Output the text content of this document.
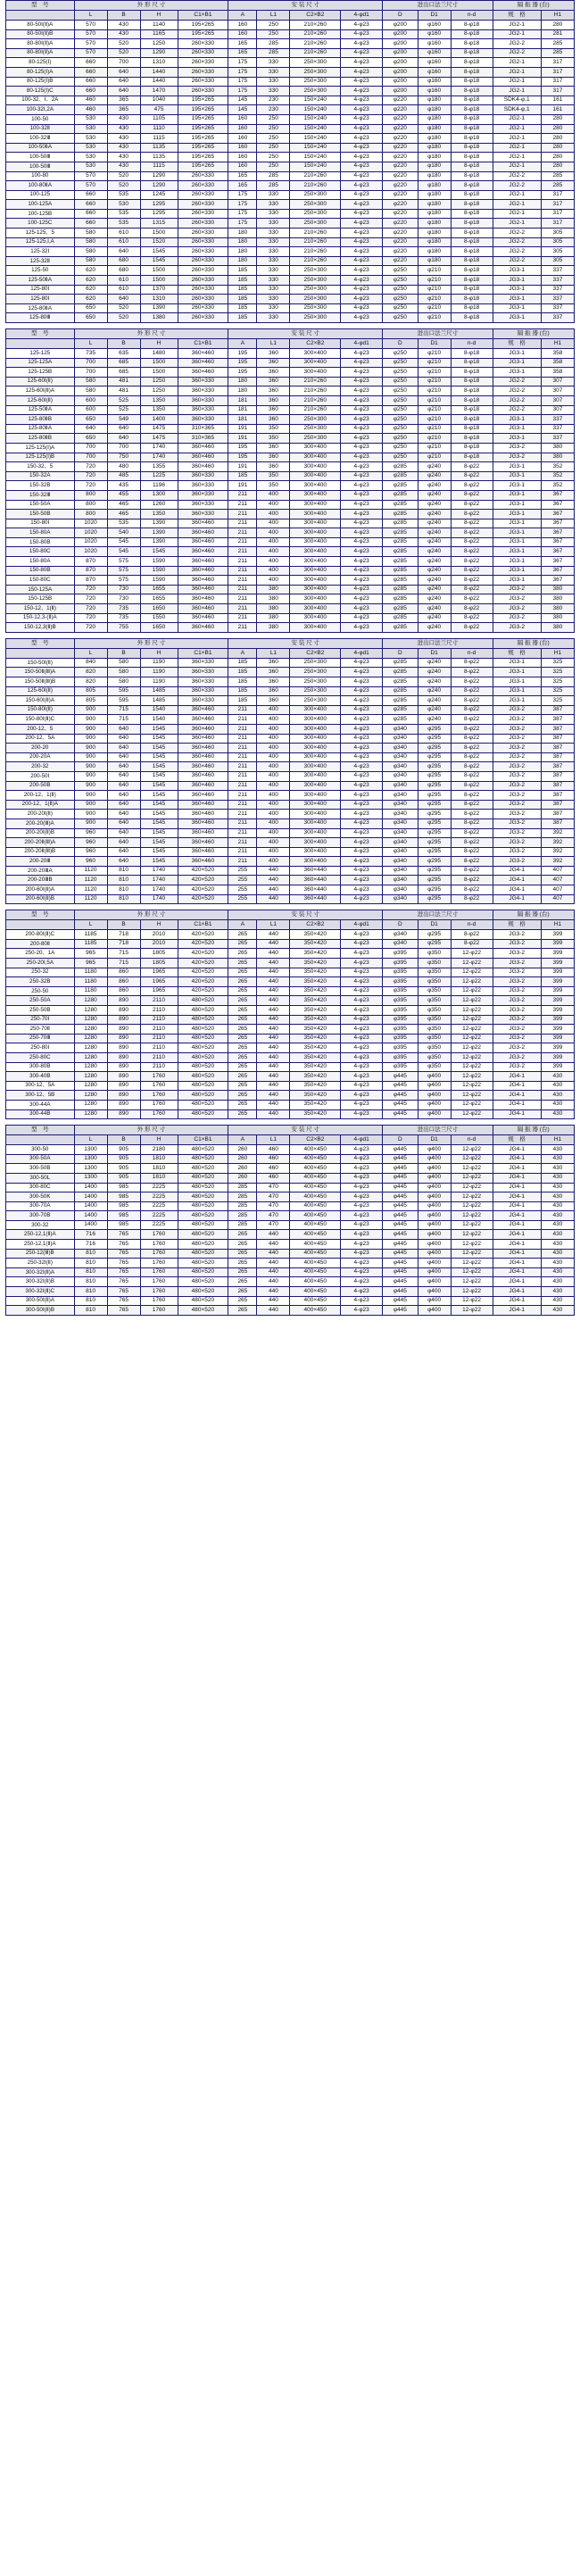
型　号	外 形 尺 寸				安 装 尺 寸				进出口法兰尺寸			隔 振 器 (台)	
	L	B	H	C1×B1	A	L1	C2×B2	4-φd1	D	D1	n-d	规　格	H1
80-50Ⅰ(Ⅱ)A	570	430	1140	195×265	160	250	210×260	4-φ23	φ200	φ160	8-φ18	JG2-1	280
80-50Ⅰ(Ⅱ)B	570	430	1165	195×265	160	250	210×260	4-φ23	φ200	φ160	8-φ18	JG2-1	281
80-80Ⅰ(Ⅱ)A	570	520	1250	260×330	165	285	210×260	4-φ23	φ200	φ160	8-φ18	JG2-2	285
80-80Ⅰ(Ⅱ)A	570	520	1290	260×330	165	285	210×260	4-φ23	φ200	φ160	8-φ18	JG2-2	285
80-125(Ⅰ)	660	700	1310	260×330	175	330	250×300	4-φ23	φ200	φ160	8-φ18	JG2-1	317
80-125(Ⅰ)A	660	640	1440	260×330	175	330	250×300	4-φ23	φ200	φ160	8-φ18	JG2-1	317
80-125(Ⅰ)B	660	640	1440	260×330	175	330	250×300	4-φ23	φ200	φ160	8-φ18	JG2-1	317
80-125(Ⅰ)C	660	640	1470	260×330	175	330	250×300	4-φ23	φ200	φ160	8-φ18	JG2-1	317
100-32、Ⅰ、2A	460	365	1040	195×265	145	230	150×240	4-φ23	φ220	φ180	8-φ18	SDK4-φ,1	161
100-32Ⅰ,2A	460	365	475	195×265	145	230	150×240	4-φ23	φ220	φ180	8-φ18	SDK4-φ,1	161
100-50	530	430	1105	195×265	160	250	150×240	4-φ23	φ220	φ180	8-φ18	JG2-1	280
100-32Ⅱ	530	430	1110	195×265	160	250	150×240	4-φ23	φ220	φ180	8-φ18	JG2-1	280
100-32Ⅲ	530	430	1115	195×265	160	250	150×240	4-φ23	φ220	φ180	8-φ18	JG2-1	280
100-50ⅡA	530	430	1135	195×265	160	250	150×240	4-φ23	φ220	φ180	8-φ18	JG2-1	280
100-50Ⅲ	530	430	1135	195×265	160	250	150×240	4-φ23	φ220	φ180	8-φ18	JG2-1	280
100-50Ⅲ	530	430	1115	195×265	160	250	150×240	4-φ23	φ220	φ180	8-φ18	JG2-1	280
100-80	570	520	1290	260×330	165	285	210×260	4-φ23	φ220	φ180	8-φ18	JG2-2	285
100-80ⅡA	570	520	1290	260×330	165	285	210×260	4-φ23	φ220	φ180	8-φ18	JG2-2	285
100-125	660	535	1245	260×330	175	330	250×300	4-φ23	φ220	φ180	8-φ18	JG2-1	317
100-125A	660	530	1295	260×330	175	330	250×300	4-φ23	φ220	φ180	8-φ18	JG2-1	317
100-125B	660	535	1295	260×330	175	330	250×300	4-φ23	φ220	φ180	8-φ18	JG2-1	317
100-125C	660	535	1315	260×330	175	330	250×300	4-φ23	φ220	φ180	8-φ18	JG2-1	317
125-125、5	580	610	1500	260×330	180	330	210×260	4-φ23	φ220	φ180	8-φ18	JG2-2	305
125-125,Ⅰ,A	580	610	1520	260×330	180	330	210×260	4-φ23	φ220	φ180	8-φ18	JG2-2	305
125-32Ⅰ	580	640	1545	260×330	180	330	210×260	4-φ23	φ220	φ180	8-φ18	JG2-2	305
125-32Ⅱ	580	680	1545	260×330	180	330	210×260	4-φ23	φ220	φ180	8-φ18	JG2-2	305
125-50	620	680	1500	260×330	185	330	250×300	4-φ23	φ250	φ210	8-φ18	JG3-1	337
125-50ⅡA	620	610	1500	260×330	185	330	250×300	4-φ23	φ250	φ210	8-φ18	JG3-1	337
125-80Ⅰ	620	610	1370	260×330	185	330	250×300	4-φ23	φ250	φ210	8-φ18	JG3-1	337
125-80Ⅰ	620	640	1310	260×330	185	330	250×300	4-φ23	φ250	φ210	8-φ18	JG3-1	337
125-80ⅡA	650	520	1390	260×330	185	330	250×300	4-φ23	φ250	φ210	8-φ18	JG3-1	337
125-80Ⅲ	650	520	1380	260×330	185	330	250×300	4-φ23	φ250	φ210	8-φ18	JG3-1	337
型　号	外 形 尺 寸				安 装 尺 寸				进出口法兰尺寸			隔 振 器 (台)	
	L	B	H	C1×B1	A	L1	C2×B2	4-φd1	D	D1	n-d	规　格	H1
125-125	735	635	1480	360×460	195	360	300×400	4-φ23	φ250	φ210	8-φ18	JG3-1	358
125-125A	700	685	1500	360×460	195	360	300×400	4-φ23	φ250	φ210	8-φ18	JG3-1	358
125-125B	700	685	1500	360×460	195	360	300×400	4-φ23	φ250	φ210	8-φ18	JG3-1	358
125-60Ⅰ(Ⅱ)	580	481	1250	360×330	180	360	210×260	4-φ23	φ250	φ210	8-φ18	JG2-2	307
125-60Ⅰ(Ⅱ)A	580	481	1250	360×330	180	360	210×260	4-φ23	φ250	φ210	8-φ18	JG2-2	307
125-60Ⅰ(Ⅱ)	600	525	1350	360×330	181	360	210×260	4-φ23	φ250	φ210	8-φ18	JG2-2	307
125-50ⅡA	600	525	1350	360×330	181	360	210×260	4-φ23	φ250	φ210	8-φ18	JG2-2	307
125-80ⅡB	650	549	1400	360×330	181	360	250×300	4-φ23	φ250	φ210	8-φ18	JG3-1	337
125-80ⅡA	640	640	1475	310×365	191	350	250×300	4-φ23	φ250	φ210	8-φ18	JG3-1	337
125-80ⅡB	650	640	1475	310×365	191	350	250×300	4-φ23	φ250	φ210	8-φ18	JG3-1	337
125-125(Ⅰ)A	700	700	1740	360×460	195	360	300×400	4-φ23	φ250	φ210	8-φ18	JG3-2	380
125-125(Ⅰ)B	700	750	1740	360×460	195	360	300×400	4-φ23	φ250	φ210	8-φ18	JG3-2	380
150-32、5	720	480	1355	360×460	191	360	300×400	4-φ23	φ285	φ240	8-φ22	JG3-1	352
150-32A	720	485	1225	360×330	185	350	300×400	4-φ23	φ285	φ240	8-φ22	JG3-1	352
150-32B	720	435	1196	360×330	191	350	300×400	4-φ23	φ285	φ240	8-φ22	JG3-1	352
150-32Ⅲ	800	455	1300	360×330	211	400	300×400	4-φ23	φ285	φ240	8-φ22	JG3-1	367
150-50A	800	465	1260	360×330	211	400	300×400	4-φ23	φ285	φ240	8-φ22	JG3-1	367
150-50B	800	465	1350	360×330	211	400	300×400	4-φ23	φ285	φ240	8-φ22	JG3-1	367
150-80Ⅰ	1020	535	1390	360×460	211	400	300×400	4-φ23	φ285	φ240	8-φ22	JG3-1	367
150-80A	1020	540	1390	360×460	211	400	300×400	4-φ23	φ285	φ240	8-φ22	JG3-1	367
150-80B	1020	545	1390	360×460	211	400	300×400	4-φ23	φ285	φ240	8-φ22	JG3-1	367
150-80C	1020	545	1545	360×460	211	400	300×400	4-φ23	φ285	φ240	8-φ22	JG3-1	367
150-80A	870	575	1590	360×460	211	400	300×400	4-φ23	φ285	φ240	8-φ22	JG3-1	367
150-80B	870	575	1590	360×460	211	400	300×400	4-φ23	φ285	φ240	8-φ22	JG3-1	367
150-80C	870	575	1590	360×460	211	400	300×400	4-φ23	φ285	φ240	8-φ22	JG3-1	367
150-125A	720	730	1655	360×460	211	380	300×400	4-φ23	φ285	φ240	8-φ22	JG3-2	380
150-125B	720	730	1655	360×460	211	380	300×400	4-φ23	φ285	φ240	8-φ22	JG3-2	380
150-12、1(Ⅱ)	720	735	1650	360×460	211	380	300×400	4-φ23	φ285	φ240	8-φ22	JG3-2	380
150-12,3-(Ⅱ)A	720	735	1550	360×460	211	380	300×400	4-φ23	φ285	φ240	8-φ22	JG3-2	380
150-12,3(Ⅱ)B	720	755	1650	360×460	211	380	300×400	4-φ23	φ285	φ240	8-φ22	JG3-2	380
型　号	外 形 尺 寸				安 装 尺 寸				进出口法兰尺寸			隔 振 器 (台)	
	L	B	H	C1×B1	A	L1	C2×B2	4-φd1	D	D1	n-d	规　格	H1
150-50Ⅰ(Ⅱ)	840	580	1190	360×330	185	360	250×300	4-φ23	φ285	φ240	8-φ22	JG3-1	325
150-50Ⅱ(Ⅲ)A	820	580	1190	360×330	185	360	250×300	4-φ23	φ285	φ240	8-φ22	JG3-1	325
150-50Ⅱ(Ⅲ)B	820	580	1190	360×330	185	360	250×300	4-φ23	φ285	φ240	8-φ22	JG3-1	325
125-60Ⅰ(Ⅱ)	805	595	1485	360×330	185	360	250×300	4-φ23	φ285	φ240	8-φ22	JG3-1	325
150-60Ⅰ(Ⅱ)A	805	595	1485	360×330	185	360	250×300	4-φ23	φ285	φ240	8-φ22	JG3-1	325
150-80Ⅰ(Ⅱ)	900	715	1540	360×460	211	400	300×400	4-φ23	φ285	φ240	8-φ22	JG3-2	387
150-80Ⅰ(Ⅱ)C	900	715	1540	360×460	211	400	300×400	4-φ23	φ285	φ240	8-φ22	JG3-2	387
200-12、5	900	640	1545	360×460	211	400	300×400	4-φ23	φ340	φ295	8-φ22	JG3-2	387
200-12、5A	900	640	1545	360×460	211	400	300×400	4-φ23	φ340	φ295	8-φ22	JG3-2	387
200-20	900	640	1545	360×460	211	400	300×400	4-φ23	φ340	φ295	8-φ22	JG3-2	387
200-20A	900	640	1545	360×460	211	400	300×400	4-φ23	φ340	φ295	8-φ22	JG3-2	387
200-32	900	640	1545	360×460	211	400	300×400	4-φ23	φ340	φ295	8-φ22	JG3-2	387
200-50Ⅰ	900	640	1545	360×460	211	400	300×400	4-φ23	φ340	φ295	8-φ22	JG3-2	387
200-50B	900	640	1545	360×460	211	400	300×400	4-φ23	φ340	φ295	8-φ22	JG3-2	387
200-12、1(Ⅱ)	900	640	1545	360×460	211	400	300×400	4-φ23	φ340	φ295	8-φ22	JG3-2	387
200-12、1(Ⅱ)A	900	640	1545	360×460	211	400	300×400	4-φ23	φ340	φ295	8-φ22	JG3-2	387
200-20Ⅰ(Ⅱ)	900	640	1545	360×460	211	400	300×400	4-φ23	φ340	φ295	8-φ22	JG3-2	387
200-20(Ⅲ)A	900	640	1545	360×460	211	400	300×400	4-φ23	φ340	φ295	8-φ22	JG3-2	387
200-20Ⅰ(Ⅱ)B	960	640	1545	360×460	211	400	300×400	4-φ23	φ340	φ295	8-φ22	JG3-2	392
200-20Ⅱ(Ⅲ)A	960	640	1545	360×460	211	400	300×400	4-φ23	φ340	φ295	8-φ22	JG3-2	392
200-20Ⅱ(Ⅲ)B	960	640	1545	360×460	211	400	300×400	4-φ23	φ340	φ295	8-φ22	JG3-2	392
200-20Ⅲ	960	640	1545	360×460	211	400	300×400	4-φ23	φ340	φ295	8-φ22	JG3-2	392
200-20ⅢA	1120	810	1740	420×520	255	440	360×440	4-φ23	φ340	φ295	8-φ22	JG4-1	407
200-20ⅢB	1120	810	1740	420×520	255	440	360×440	4-φ23	φ340	φ295	8-φ22	JG4-1	407
200-60Ⅰ(Ⅱ)A	1120	810	1740	420×520	255	440	360×440	4-φ23	φ340	φ295	8-φ22	JG4-1	407
200-60Ⅰ(Ⅱ)B	1120	810	1740	420×520	255	440	360×440	4-φ23	φ340	φ295	8-φ22	JG4-1	407
型　号	外 形 尺 寸				安 装 尺 寸				进出口法兰尺寸			隔 振 器 (台)	
	L	B	H	C1×B1	A	L1	C2×B2	4-φd1	D	D1	n-d	规　格	H1
200-80Ⅰ(Ⅱ)C	1185	718	2010	420×520	265	440	350×420	4-φ23	φ340	φ295	8-φ22	JG3-2	399
200-80Ⅱ	1185	718	2010	420×520	265	440	350×420	4-φ23	φ340	φ295	8-φ22	JG3-2	399
250-20、1A	965	715	1805	420×520	265	440	350×420	4-φ23	φ395	φ350	12-φ22	JG3-2	399
250-20Ⅰ,5A	965	715	1805	420×520	265	440	350×420	4-φ23	φ395	φ350	12-φ22	JG3-2	399
250-32	1180	860	1965	420×520	265	440	350×420	4-φ23	φ395	φ350	12-φ22	JG3-2	399
250-32B	1180	860	1965	420×520	265	440	350×420	4-φ23	φ395	φ350	12-φ22	JG3-2	399
250-50	1180	860	1965	420×520	265	440	350×420	4-φ23	φ395	φ350	12-φ22	JG3-2	399
250-50A	1280	890	2110	480×520	265	440	350×420	4-φ23	φ395	φ350	12-φ22	JG3-2	399
250-50B	1280	890	2110	480×520	265	440	350×420	4-φ23	φ395	φ350	12-φ22	JG3-2	399
250-70Ⅰ	1280	890	2110	480×520	265	440	350×420	4-φ23	φ395	φ350	12-φ22	JG3-2	399
250-70Ⅱ	1280	890	2110	480×520	265	440	350×420	4-φ23	φ395	φ350	12-φ22	JG3-2	399
250-70Ⅲ	1280	890	2110	480×520	265	440	350×420	4-φ23	φ395	φ350	12-φ22	JG3-2	399
250-80Ⅰ	1280	890	2110	480×520	265	440	350×420	4-φ23	φ395	φ350	12-φ22	JG3-2	399
250-80C	1280	890	2110	480×520	265	440	350×420	4-φ23	φ395	φ350	12-φ22	JG3-2	399
300-80B	1280	890	2110	480×520	265	440	350×420	4-φ23	φ395	φ350	12-φ22	JG3-2	399
300-40B	1280	890	1760	480×520	265	440	350×420	4-φ23	φ445	φ400	12-φ22	JG4-1	430
300-12、5A	1280	890	1760	480×520	265	440	350×420	4-φ23	φ445	φ400	12-φ22	JG4-1	430
300-12、5B	1280	890	1760	480×520	265	440	350×420	4-φ23	φ445	φ400	12-φ22	JG4-1	430
300-44A	1280	890	1760	480×520	265	440	350×420	4-φ23	φ445	φ400	12-φ22	JG4-1	430
300-44B	1280	890	1760	480×520	265	440	350×420	4-φ23	φ445	φ400	12-φ22	JG4-1	430
型　号	外 形 尺 寸				安 装 尺 寸				进出口法兰尺寸			隔 振 器 (台)	
	L	B	H	C1×B1	A	L1	C2×B2	4-φd1	D	D1	n-d	规　格	H1
300-50	1300	905	2180	480×520	260	460	400×450	4-φ23	φ445	φ400	12-φ22	JG4-1	430
300-50A	1300	905	1810	480×520	260	460	400×450	4-φ23	φ445	φ400	12-φ22	JG4-1	430
300-50B	1300	905	1810	480×520	260	460	400×450	4-φ23	φ445	φ400	12-φ22	JG4-1	430
300-50L	1300	905	1810	480×520	260	460	400×450	4-φ23	φ445	φ400	12-φ22	JG4-1	430
300-80C	1400	985	2225	480×520	285	470	400×450	4-φ23	φ445	φ400	12-φ22	JG4-1	430
300-50K	1400	985	2225	480×520	285	470	400×450	4-φ23	φ445	φ400	12-φ22	JG4-1	430
300-70A	1400	985	2225	480×520	285	470	400×450	4-φ23	φ445	φ400	12-φ22	JG4-1	430
300-70B	1400	985	2225	480×520	285	470	400×450	4-φ23	φ445	φ400	12-φ22	JG4-1	430
300-32	1400	985	2225	480×520	285	470	400×450	4-φ23	φ445	φ400	12-φ22	JG4-1	430
250-12,1(Ⅱ)A	716	765	1760	480×520	265	440	400×450	4-φ23	φ445	φ400	12-φ22	JG4-1	430
250-12,1(Ⅱ)A	716	765	1760	480×520	265	440	400×450	4-φ23	φ445	φ400	12-φ22	JG4-1	430
250-12(Ⅲ)B	810	765	1760	480×520	265	440	400×450	4-φ23	φ445	φ400	12-φ22	JG4-1	430
250-32Ⅰ(Ⅱ)	810	765	1760	480×520	265	440	400×450	4-φ23	φ445	φ400	12-φ22	JG4-1	430
300-32Ⅰ(Ⅱ)A	810	765	1760	480×520	265	440	400×450	4-φ23	φ445	φ400	12-φ22	JG4-1	430
300-32Ⅰ(Ⅱ)B	810	765	1760	480×520	265	440	400×450	4-φ23	φ445	φ400	12-φ22	JG4-1	430
300-32Ⅰ(Ⅱ)C	810	765	1760	480×520	265	440	400×450	4-φ23	φ445	φ400	12-φ22	JG4-1	430
300-50Ⅰ(Ⅱ)A	810	765	1760	480×520	265	440	400×450	4-φ23	φ445	φ400	12-φ22	JG4-1	430
300-50Ⅰ(Ⅱ)B	810	765	1760	480×520	265	440	400×450	4-φ23	φ445	φ400	12-φ22	JG4-1	430
